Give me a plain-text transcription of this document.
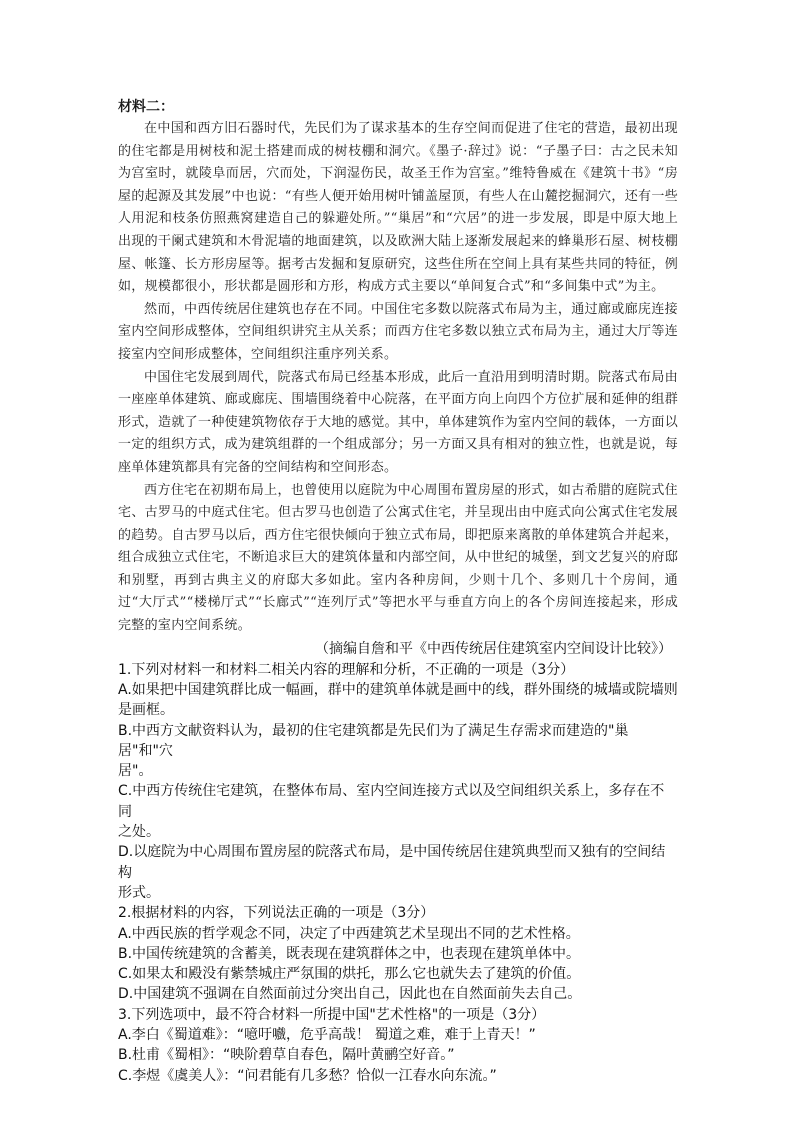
材料二：

在中国和西方旧石器时代，先民们为了谋求基本的生存空间而促进了住宅的营造，最初出现的住宅都是用树枝和泥土搭建而成的树枝棚和洞穴。《墨子·辞过》说：“子墨子曰：古之民未知为宫室时，就陵阜而居，穴而处，下润湿伤民，故圣王作为宫室。”维特鲁威在《建筑十书》“房屋的起源及其发展”中也说：“有些人便开始用树叶铺盖屋顶，有些人在山麓挖掘洞穴，还有一些人用泥和枝条仿照燕窝建造自己的躲避处所。”“巢居”和“穴居”的进一步发展，即是中原大地上出现的干阑式建筑和木骨泥墙的地面建筑，以及欧洲大陆上逐渐发展起来的蜂巢形石屋、树枝棚屋、帐篷、长方形房屋等。据考古发掘和复原研究，这些住所在空间上具有某些共同的特征，例如，规模都很小，形状都是圆形和方形，构成方式主要以“单间复合式”和“多间集中式”为主。

然而，中西传统居住建筑也存在不同。中国住宅多数以院落式布局为主，通过廊或廊庑连接室内空间形成整体，空间组织讲究主从关系；而西方住宅多数以独立式布局为主，通过大厅等连接室内空间形成整体，空间组织注重序列关系。

中国住宅发展到周代，院落式布局已经基本形成，此后一直沿用到明清时期。院落式布局由一座座单体建筑、廊或廊庑、围墙围绕着中心院落，在平面方向上向四个方位扩展和延伸的组群形式，造就了一种使建筑物依存于大地的感觉。其中，单体建筑作为室内空间的载体，一方面以一定的组织方式，成为建筑组群的一个组成部分；另一方面又具有相对的独立性，也就是说，每座单体建筑都具有完备的空间结构和空间形态。

西方住宅在初期布局上，也曾使用以庭院为中心周围布置房屋的形式，如古希腊的庭院式住宅、古罗马的中庭式住宅。但古罗马也创造了公寓式住宅，并呈现出由中庭式向公寓式住宅发展的趋势。自古罗马以后，西方住宅很快倾向于独立式布局，即把原来离散的单体建筑合并起来，组合成独立式住宅，不断追求巨大的建筑体量和内部空间，从中世纪的城堡，到文艺复兴的府邸和别墅，再到古典主义的府邸大多如此。室内各种房间，少则十几个、多则几十个房间，通过“大厅式”“楼梯厅式”“长廊式”“连列厅式”等把水平与垂直方向上的各个房间连接起来，形成完整的室内空间系统。

（摘编自詹和平《中西传统居住建筑室内空间设计比较》）

1.下列对材料一和材料二相关内容的理解和分析，不正确的一项是（3分）

A.如果把中国建筑群比成一幅画，群中的建筑单体就是画中的线，群外围绕的城墙或院墙则

是画框。

B.中西方文献资料认为，最初的住宅建筑都是先民们为了满足生存需求而建造的"巢居"和"穴

居"。

C.中西方传统住宅建筑，在整体布局、室内空间连接方式以及空间组织关系上，多存在不同

之处。

D.以庭院为中心周围布置房屋的院落式布局，是中国传统居住建筑典型而又独有的空间结构

形式。

2.根据材料的内容，下列说法正确的一项是（3分）

A.中西民族的哲学观念不同，决定了中西建筑艺术呈现出不同的艺术性格。

B.中国传统建筑的含蓄美，既表现在建筑群体之中，也表现在建筑单体中。

C.如果太和殿没有紫禁城庄严氛围的烘托，那么它也就失去了建筑的价值。

D.中国建筑不强调在自然面前过分突出自己，因此也在自然面前失去自己。

3.下列选项中，最不符合材料一所提中国"艺术性格"的一项是（3分）

A.李白《蜀道难》：“噫吁嚱，危乎高哉！ 蜀道之难，难于上青天！”

B.杜甫《蜀相》：“映阶碧草自春色，隔叶黄鹂空好音。”

C.李煜《虞美人》：“问君能有几多愁？恰似一江春水向东流。”
